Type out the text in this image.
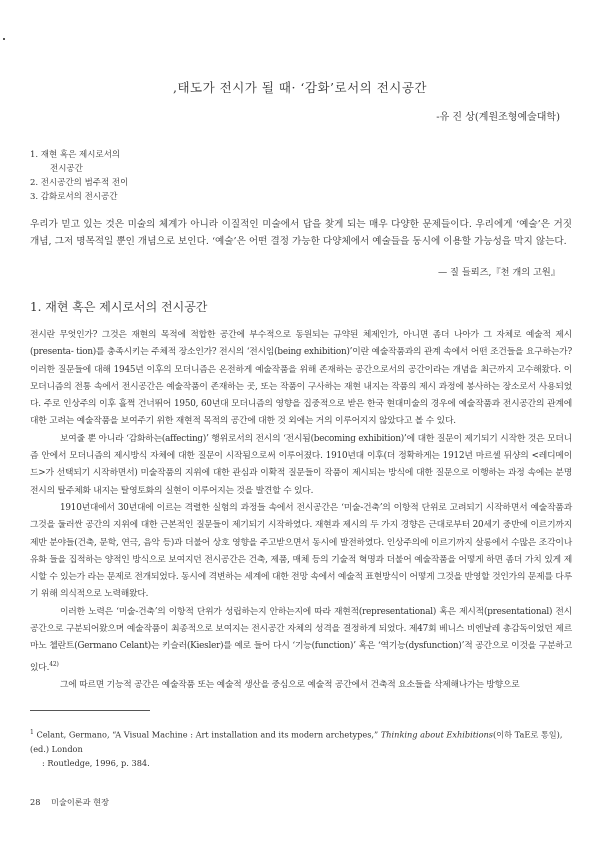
,태도가 전시가 될 때· ‘감화’로서의 전시공간
-유 진 상(계원조형예술대학)
1. 재현 혹은 제시로서의
전시공간
2. 전시공간의 범주적 전이
3. 감화로서의 전시공간
우리가 믿고 있는 것은 미술의 체계가 아니라 이질적인 미술에서 답을 찾게 되는 매우 다양한 문제들이다. 우리에게 ‘예술’은 거짓 개념, 그저 명목적일 뿐인 개념으로 보인다. ‘예술’은 어떤 결정 가능한 다양체에서 예술들을 동시에 이용할 가능성을 막지 않는다.
— 질 들뢰즈,『천 개의 고원』
1. 재현 혹은 제시로서의 전시공간

전시란 무엇인가? 그것은 재현의 목적에 적합한 공간에 부수적으로 동원되는 규약된 체제인가, 아니면 좀더 나아가 그 자체로 예술적 제시(presenta- tion)를 충족시키는 주체적 장소인가? 전시의 ‘전시임(being exhibition)’이란 예술작품과의 관계 속에서 어떤 조건들을 요구하는가? 이러한 질문들에 대해 1945년 이후의 모더니즘은 온전하게 예술작품을 위해 존재하는 공간으로서의 공간이라는 개념을 최근까지 고수해왔다. 이 모더니즘의 전통 속에서 전시공간은 예술작품이 존재하는 곳, 또는 작품이 구사하는 재현 내지는 작품의 제시 과정에 봉사하는 장소로서 사용되었다. 주로 인상주의 이후 흘쩍 건너뛰어 1950, 60년대 모더니즘의 영향을 집중적으로 받은 한국 현대미술의 경우에 예술작품과 전시공간의 관계에 대한 고려는 예술작품을 보여주기 위한 재현적 목적의 공간에 대한 것 외에는 거의 이루어지지 않았다고 볼 수 있다.

보여줄 뿐 아니라 ‘감화하는(affecting)’ 행위로서의 전시의 ‘전시됨(becoming exhibition)’에 대한 질문이 제기되기 시작한 것은 모더니즘 안에서 모더니즘의 제시방식 자체에 대한 질문이 시작됨으로써 이루어졌다. 1910년대 이후(더 정확하게는 1912년 마르셀 뒤샹의 <레디메이드>가 선택되기 시작하면서) 미술작품의 지위에 대한 관심과 이확적 질문들이 작품이 제시되는 방식에 대한 질문으로 이행하는 과정 속에는 분명 전시의 탈주체화 내지는 탈영토화의 실현이 이루어지는 것을 발견할 수 있다.

1910년대에서 30년대에 이르는 격렬한 실험의 과정들 속에서 전시공간은 ‘미술-건축’의 이항적 단위로 고려되기 시작하면서 예술작품과 그것을 둘러싼 공간의 지위에 대한 근본적인 질문들이 제기되기 시작하였다. 재현과 제시의 두 가지 경향은 근대로부터 20세기 중반에 이르기까지 제반 분야들(건축, 문학, 연극, 음악 등)과 더불어 상호 영향을 주고받으면서 동시에 발전하였다. 인상주의에 이르기까지 살롱에서 수많은 조각이나 유화 들을 집적하는 양적인 방식으로 보여지던 전시공간은 건축, 제품, 매체 등의 기술적 혁명과 더불어 예술작품을 어떻게 하면 좀더 가치 있게 제시할 수 있는가 라는 문제로 전개되었다. 동시에 격변하는 세계에 대한 전망 속에서 예술적 표현방식이 어떻게 그것을 반영할 것인가의 문제를 다루기 위해 의식적으로 노력해왔다.

이러한 노력은 ‘미술-건축’의 이항적 단위가 성립하는지 안하는지에 따라 재현적(representational) 혹은 제시적(presentational) 전시공간으로 구분되어왔으며 예술작품이 최종적으로 보여지는 전시공간 자체의 성격을 결정하게 되었다. 제47회 베니스 비엔날레 총감독이었던 제르마노 첼란트(Germano Celant)는 키슬러(Kiesler)를 예로 들어 다시 ‘기능(function)’ 혹은 ‘역기능(dysfunction)’적 공간으로 이것을 구분하고 있다.$^{42)}$

그에 따르면 기능적 공간은 예술작품 또는 예술적 생산을 중심으로 예술적 공간에서 건축적 요소들을 삭제해나가는 방향으로

$^1$ Celant, Germano, “A Visual Machine : Art installation and its modern archetypes,” Thinking about Exhibitions(이하 TaE로 통일), (ed.) London
: Routledge, 1996, p. 384.
28 미술이론과 현장
